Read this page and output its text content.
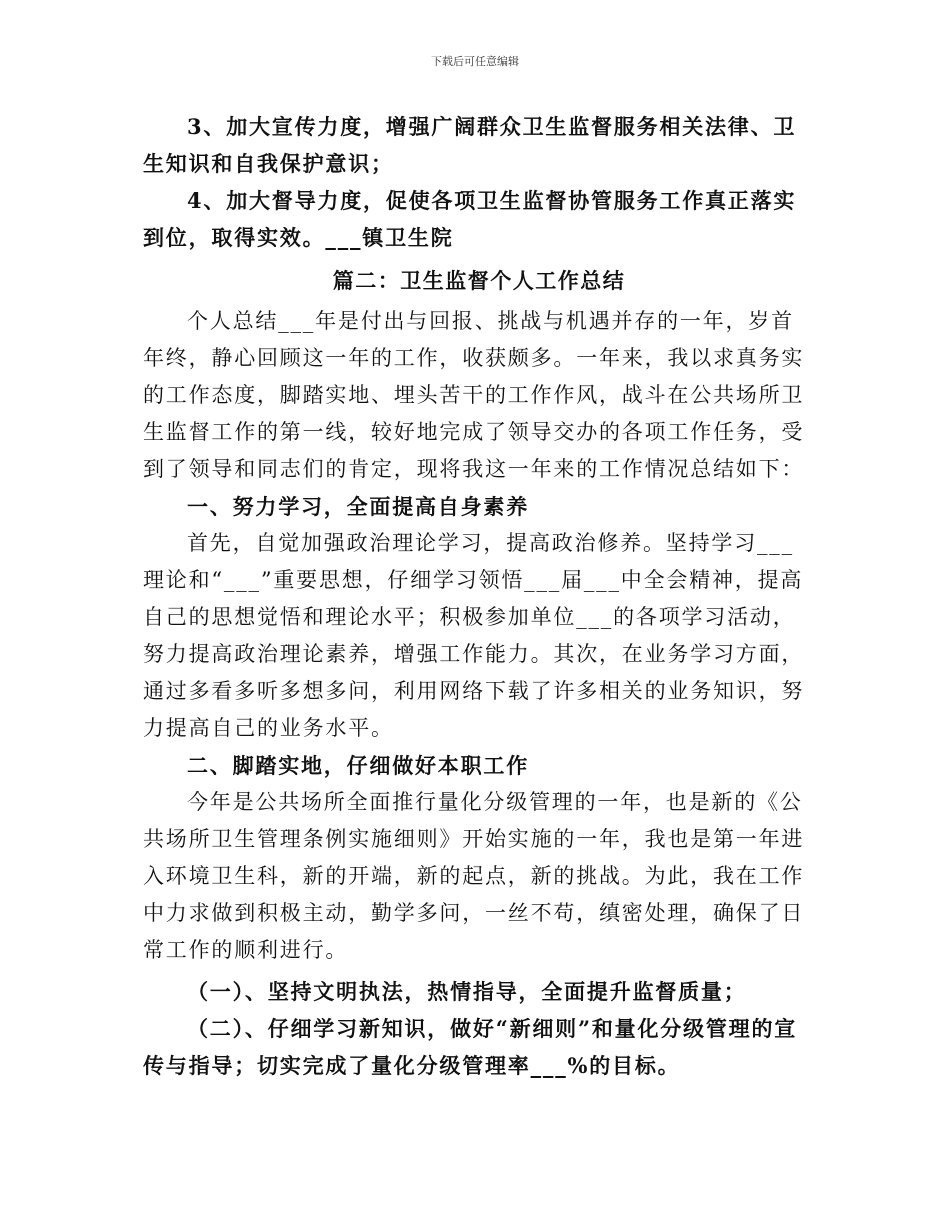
下载后可任意编辑

3、加大宣传力度，增强广阔群众卫生监督服务相关法律、卫生知识和自我保护意识；

4、加大督导力度，促使各项卫生监督协管服务工作真正落实到位，取得实效。___镇卫生院

篇二：卫生监督个人工作总结

个人总结___年是付出与回报、挑战与机遇并存的一年，岁首年终，静心回顾这一年的工作，收获颇多。一年来，我以求真务实的工作态度，脚踏实地、埋头苦干的工作作风，战斗在公共场所卫生监督工作的第一线，较好地完成了领导交办的各项工作任务，受到了领导和同志们的肯定，现将我这一年来的工作情况总结如下：

一、努力学习，全面提高自身素养

首先，自觉加强政治理论学习，提高政治修养。坚持学习___理论和“___”重要思想，仔细学习领悟___届___中全会精神，提高自己的思想觉悟和理论水平；积极参加单位___的各项学习活动，努力提高政治理论素养，增强工作能力。其次，在业务学习方面，通过多看多听多想多问，利用网络下载了许多相关的业务知识，努力提高自己的业务水平。

二、脚踏实地，仔细做好本职工作

今年是公共场所全面推行量化分级管理的一年，也是新的《公共场所卫生管理条例实施细则》开始实施的一年，我也是第一年进入环境卫生科，新的开端，新的起点，新的挑战。为此，我在工作中力求做到积极主动，勤学多问，一丝不苟，缜密处理，确保了日常工作的顺利进行。

（一）、坚持文明执法，热情指导，全面提升监督质量；

（二）、仔细学习新知识，做好“新细则”和量化分级管理的宣传与指导；切实完成了量化分级管理率___%的目标。
